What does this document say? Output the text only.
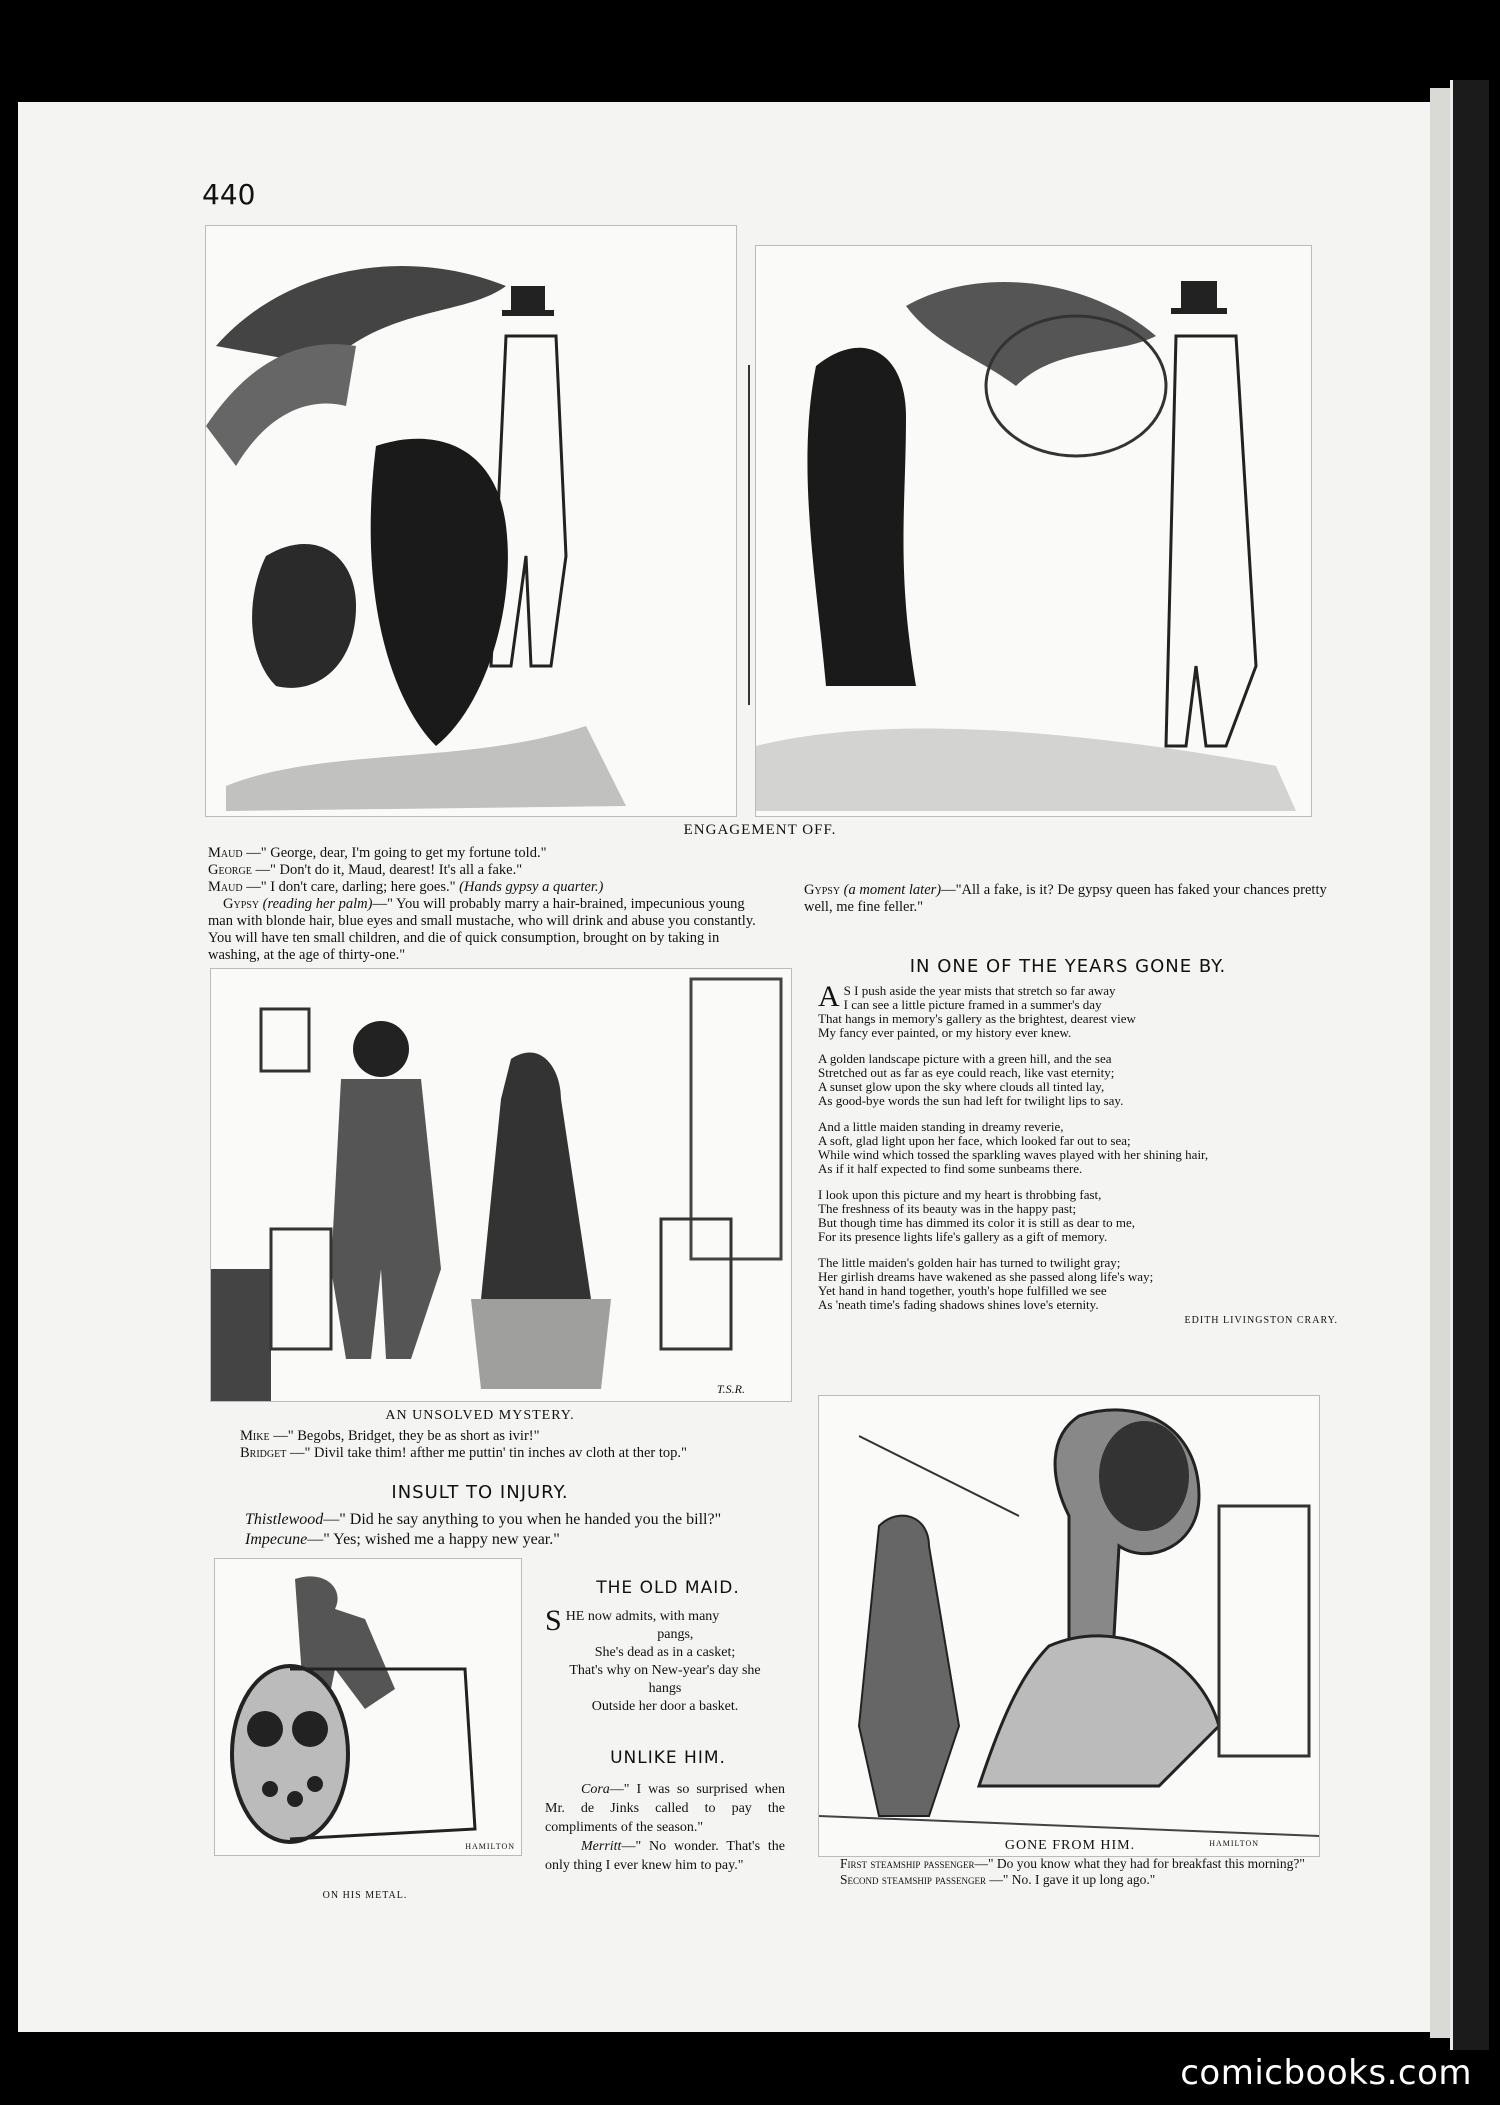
440
ENGAGEMENT OFF.
Maud —" George, dear, I'm going to get my fortune told."
George —" Don't do it, Maud, dearest! It's all a fake."
Maud —" I don't care, darling; here goes." (Hands gypsy a quarter.)
Gypsy (reading her palm)—" You will probably marry a hair-brained, impecunious young man with blonde hair, blue eyes and small mustache, who will drink and abuse you constantly. You will have ten small children, and die of quick consumption, brought on by taking in washing, at the age of thirty-one."
Gypsy (a moment later)—"All a fake, is it? De gypsy queen has faked your chances pretty well, me fine feller."
T.S.R.
AN UNSOLVED MYSTERY.
Mike —" Begobs, Bridget, they be as short as ivir!"
Bridget —" Divil take thim! afther me puttin' tin inches av cloth at ther top."
INSULT TO INJURY.
Thistlewood—" Did he say anything to you when he handed you the bill?"
Impecune—" Yes; wished me a happy new year."
HAMILTON
ON HIS METAL.
THE OLD MAID.
S HE now admits, with many
pangs,
She's dead as in a casket;
That's why on New-year's day she
hangs
Outside her door a basket.
UNLIKE HIM.
Cora—" I was so surprised when Mr. de Jinks called to pay the compliments of the season."
Merritt—" No wonder. That's the only thing I ever knew him to pay."
IN ONE OF THE YEARS GONE BY.
A S I push aside the year mists that stretch so far away

I can see a little picture framed in a summer's day

That hangs in memory's gallery as the brightest, dearest view

My fancy ever painted, or my history ever knew.

A golden landscape picture with a green hill, and the sea

Stretched out as far as eye could reach, like vast eternity;

A sunset glow upon the sky where clouds all tinted lay,

As good-bye words the sun had left for twilight lips to say.

And a little maiden standing in dreamy reverie,

A soft, glad light upon her face, which looked far out to sea;

While wind which tossed the sparkling waves played with her shining hair,

As if it half expected to find some sunbeams there.

I look upon this picture and my heart is throbbing fast,

The freshness of its beauty was in the happy past;

But though time has dimmed its color it is still as dear to me,

For its presence lights life's gallery as a gift of memory.

The little maiden's golden hair has turned to twilight gray;

Her girlish dreams have wakened as she passed along life's way;

Yet hand in hand together, youth's hope fulfilled we see

As 'neath time's fading shadows shines love's eternity.

EDITH LIVINGSTON CRARY.
HAMILTON
GONE FROM HIM.
First steamship passenger—" Do you know what they had for breakfast this morning?"
Second steamship passenger —" No. I gave it up long ago."
comicbooks.com
